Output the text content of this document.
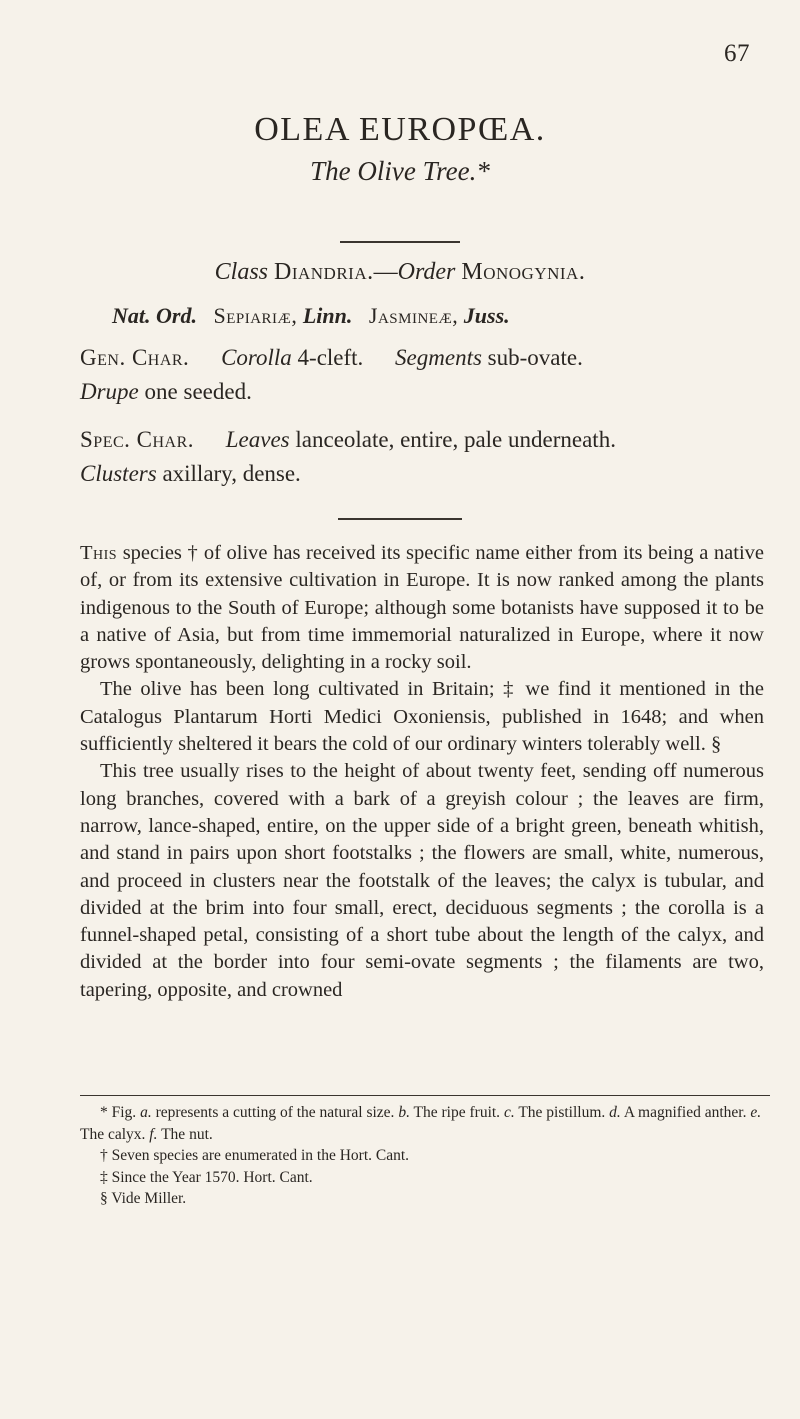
67
OLEA EUROPŒA.
The Olive Tree.*
Class Diandria.—Order Monogynia.
Nat. Ord. Sepiariæ, Linn. Jasmineæ, Juss.
Gen. Char. Corolla 4-cleft. Segments sub-ovate.
Drupe one seeded.
Spec. Char. Leaves lanceolate, entire, pale underneath.
Clusters axillary, dense.

This species † of olive has received its specific name either from its being a native of, or from its extensive cultivation in Europe. It is now ranked among the plants indigenous to the South of Europe; although some botanists have supposed it to be a native of Asia, but from time immemorial naturalized in Europe, where it now grows spontaneously, delighting in a rocky soil.

The olive has been long cultivated in Britain; ‡ we find it mentioned in the Catalogus Plantarum Horti Medici Oxoniensis, published in 1648; and when sufficiently sheltered it bears the cold of our ordinary winters tolerably well. §

This tree usually rises to the height of about twenty feet, sending off numerous long branches, covered with a bark of a greyish colour ; the leaves are firm, narrow, lance-shaped, entire, on the upper side of a bright green, beneath whitish, and stand in pairs upon short footstalks ; the flowers are small, white, numerous, and proceed in clusters near the footstalk of the leaves; the calyx is tubular, and divided at the brim into four small, erect, deciduous segments ; the corolla is a funnel-shaped petal, consisting of a short tube about the length of the calyx, and divided at the border into four semi-ovate segments ; the filaments are two, tapering, opposite, and crowned

* Fig. a. represents a cutting of the natural size. b. The ripe fruit. c. The pistillum. d. A magnified anther. e. The calyx. f. The nut.

† Seven species are enumerated in the Hort. Cant.

‡ Since the Year 1570. Hort. Cant.

§ Vide Miller.
